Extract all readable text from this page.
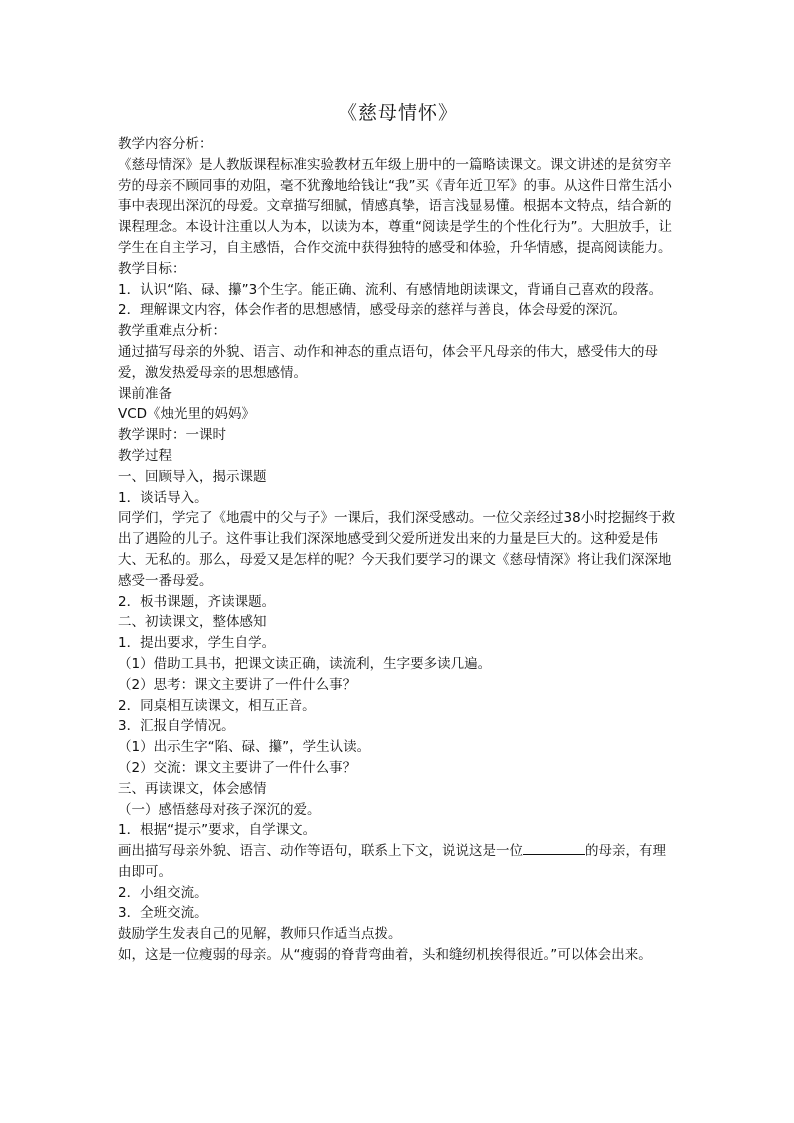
《慈母情怀》

教学内容分析：

《慈母情深》是人教版课程标准实验教材五年级上册中的一篇略读课文。课文讲述的是贫穷辛劳的母亲不顾同事的劝阻，毫不犹豫地给钱让“我”买《青年近卫军》的事。从这件日常生活小事中表现出深沉的母爱。文章描写细腻，情感真挚，语言浅显易懂。根据本文特点，结合新的课程理念。本设计注重以人为本，以读为本，尊重“阅读是学生的个性化行为”。大胆放手，让学生在自主学习，自主感悟，合作交流中获得独特的感受和体验，升华情感，提高阅读能力。

教学目标：

1．认识“陷、碌、攥”3个生字。能正确、流利、有感情地朗读课文，背诵自己喜欢的段落。

2．理解课文内容，体会作者的思想感情，感受母亲的慈祥与善良，体会母爱的深沉。

教学重难点分析：

通过描写母亲的外貌、语言、动作和神态的重点语句，体会平凡母亲的伟大，感受伟大的母爱，激发热爱母亲的思想感情。

课前准备

VCD《烛光里的妈妈》

教学课时：一课时

教学过程

一、回顾导入，揭示课题

1．谈话导入。

同学们，学完了《地震中的父与子》一课后，我们深受感动。一位父亲经过38小时挖掘终于救出了遇险的儿子。这件事让我们深深地感受到父爱所迸发出来的力量是巨大的。这种爱是伟大、无私的。那么，母爱又是怎样的呢？今天我们要学习的课文《慈母情深》将让我们深深地感受一番母爱。

2．板书课题，齐读课题。

二、初读课文，整体感知

1．提出要求，学生自学。

（1）借助工具书，把课文读正确，读流利，生字要多读几遍。

（2）思考：课文主要讲了一件什么事？

2．同桌相互读课文，相互正音。

3．汇报自学情况。

（1）出示生字“陷、碌、攥”，学生认读。

（2）交流：课文主要讲了一件什么事？

三、再读课文，体会感情

（一）感悟慈母对孩子深沉的爱。

1．根据“提示”要求，自学课文。

画出描写母亲外貌、语言、动作等语句，联系上下文，说说这是一位	的母亲，有理由即可。

2．小组交流。

3．全班交流。

鼓励学生发表自己的见解，教师只作适当点拨。

如，这是一位瘦弱的母亲。从“瘦弱的脊背弯曲着，头和缝纫机挨得很近。”可以体会出来。
